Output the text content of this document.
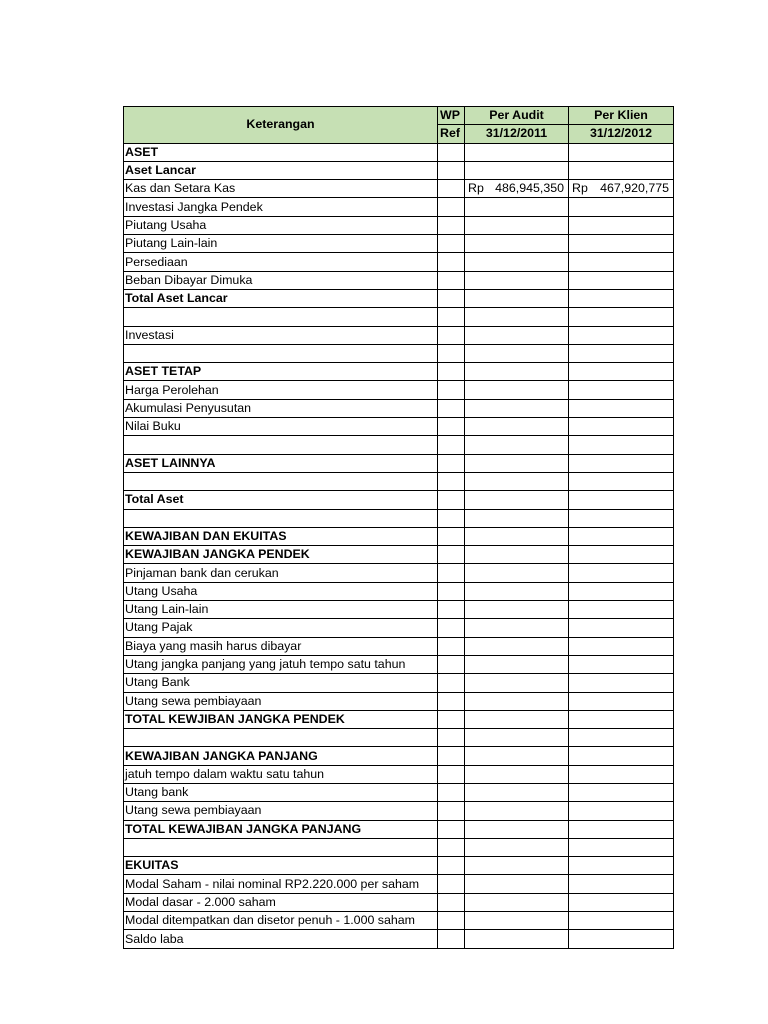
Keterangan	WP	Per Audit	Per Klien
	Ref	31/12/2011	31/12/2012
ASET			
Aset Lancar			
Kas dan Setara Kas		Rp 486,945,350	Rp 467,920,775

Investasi Jangka Pendek			
Piutang Usaha			
Piutang Lain-lain			
Persediaan			
Beban Dibayar Dimuka			
Total Aset Lancar			

Investasi			

ASET TETAP			
Harga Perolehan			
Akumulasi Penyusutan			
Nilai Buku			

ASET LAINNYA			

Total Aset			

KEWAJIBAN DAN EKUITAS			
KEWAJIBAN JANGKA PENDEK			
Pinjaman bank dan cerukan			
Utang Usaha			
Utang Lain-lain			
Utang Pajak			
Biaya yang masih harus dibayar			
Utang jangka panjang yang jatuh tempo satu tahun			
Utang Bank			
Utang sewa pembiayaan			
TOTAL KEWJIBAN JANGKA PENDEK			

KEWAJIBAN JANGKA PANJANG			
jatuh tempo dalam waktu satu tahun			
Utang bank			
Utang sewa pembiayaan			
TOTAL KEWAJIBAN JANGKA PANJANG			

EKUITAS			
Modal Saham - nilai nominal RP2.220.000 per saham			
Modal dasar - 2.000 saham			
Modal ditempatkan dan disetor penuh - 1.000 saham			
Saldo laba			
